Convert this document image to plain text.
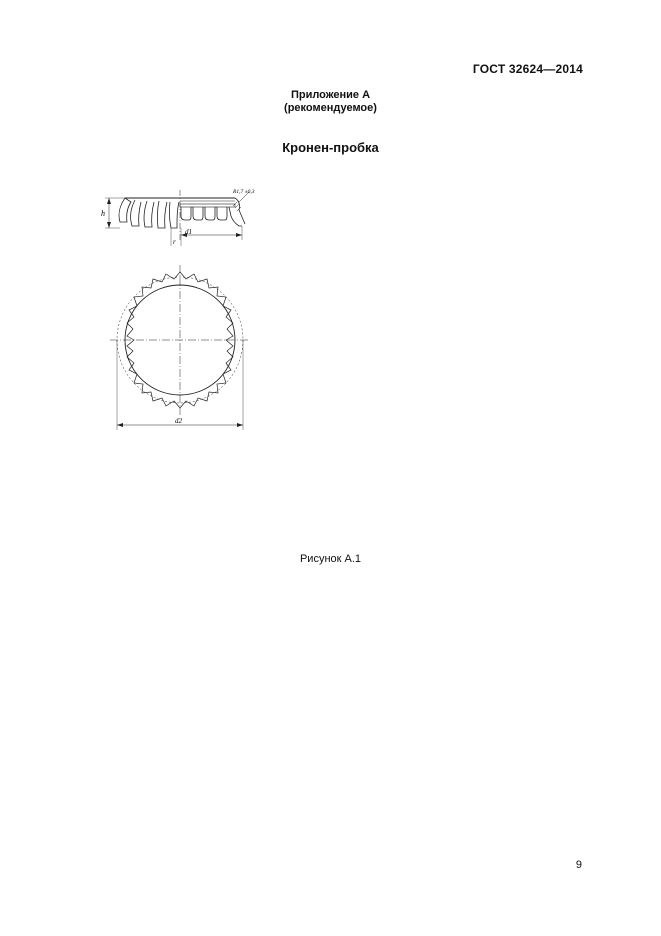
ГОСТ 32624—2014
Приложение А
(рекомендуемое)
Кронен-пробка
h
r
d1
d2
R1,7 ±0,3
Рисунок А.1
9
